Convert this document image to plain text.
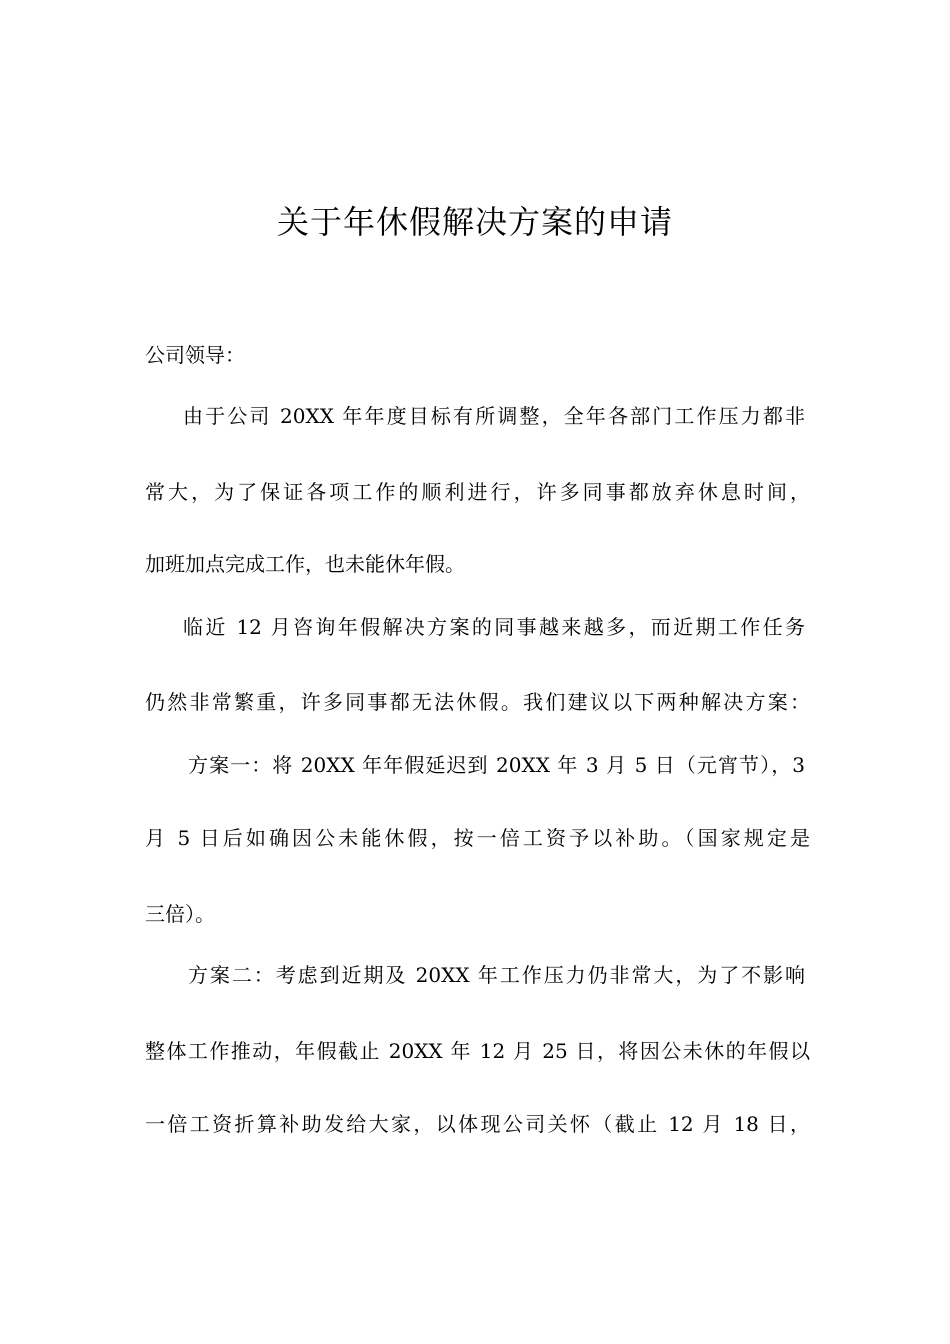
关于年休假解决方案的申请
公司领导：
由于公司 20XX 年年度目标有所调整，全年各部门工作压力都非
常大，为了保证各项工作的顺利进行，许多同事都放弃休息时间，
加班加点完成工作，也未能休年假。
临近 12 月咨询年假解决方案的同事越来越多，而近期工作任务
仍然非常繁重，许多同事都无法休假。我们建议以下两种解决方案：
方案一：将 20XX 年年假延迟到 20XX 年 3 月 5 日（元宵节），3
月 5 日后如确因公未能休假，按一倍工资予以补助。（国家规定是
三倍）。
方案二：考虑到近期及 20XX 年工作压力仍非常大，为了不影响
整体工作推动，年假截止 20XX 年 12 月 25 日，将因公未休的年假以
一倍工资折算补助发给大家，以体现公司关怀（截止 12 月 18 日，
